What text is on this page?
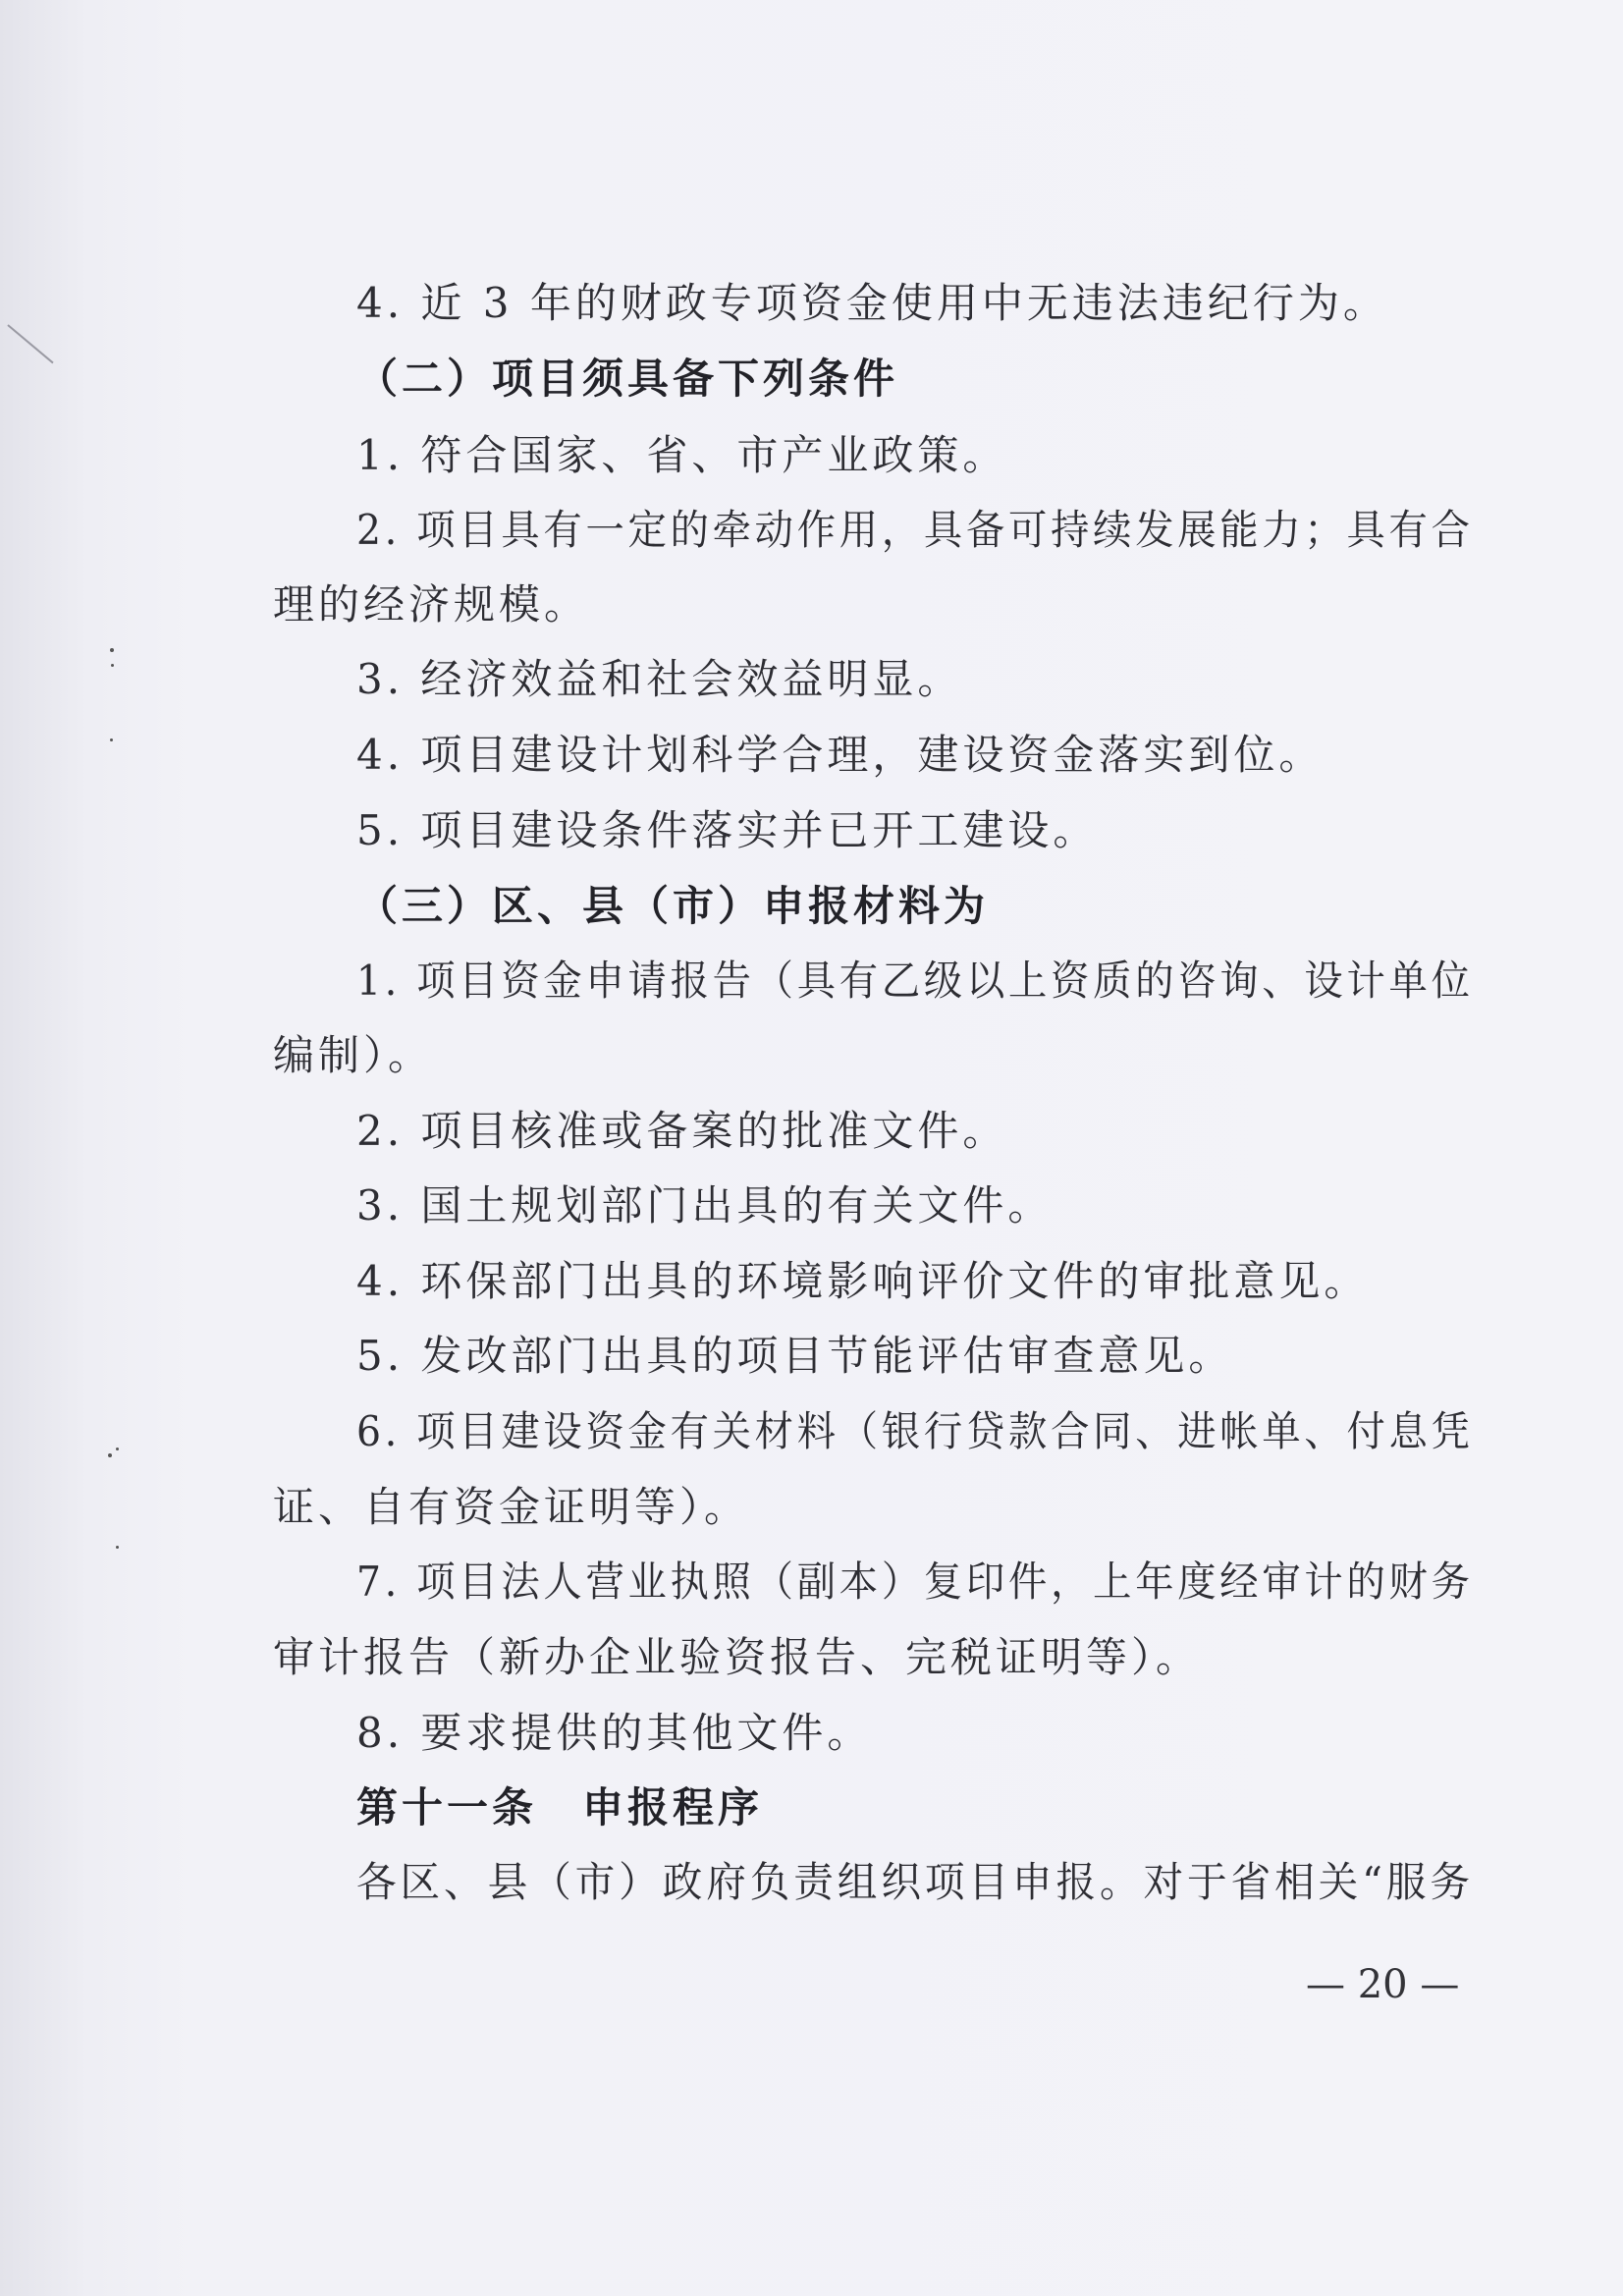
4. 近 3 年的财政专项资金使用中无违法违纪行为。
（二）项目须具备下列条件
1. 符合国家、省、市产业政策。
2. 项目具有一定的牵动作用，具备可持续发展能力；具有合
理的经济规模。
3. 经济效益和社会效益明显。
4. 项目建设计划科学合理，建设资金落实到位。
5. 项目建设条件落实并已开工建设。
（三）区、县（市）申报材料为
1. 项目资金申请报告（具有乙级以上资质的咨询、设计单位
编制）。
2. 项目核准或备案的批准文件。
3. 国土规划部门出具的有关文件。
4. 环保部门出具的环境影响评价文件的审批意见。
5. 发改部门出具的项目节能评估审查意见。
6. 项目建设资金有关材料（银行贷款合同、进帐单、付息凭
证、自有资金证明等）。
7. 项目法人营业执照（副本）复印件，上年度经审计的财务
审计报告（新办企业验资报告、完税证明等）。
8. 要求提供的其他文件。
第十一条　申报程序
各区、县（市）政府负责组织项目申报。对于省相关“服务
— 20 —
